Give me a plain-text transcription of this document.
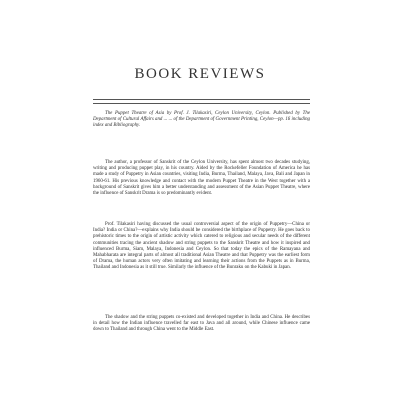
BOOK REVIEWS
The Puppet Theatre of Asia by Prof. J. Tilakasiri, Ceylon University, Ceylon. Published by The Department of Cultural Affairs and ... ... of the Department of Government Printing, Ceylon—pp. 16 including index and Bibliography.
The author, a professor of Sanskrit of the Ceylon University, has spent almost two decades studying, writing and producing puppet play, in his country. Aided by the Rockefeller Foundation of America he has made a study of Puppetry in Asian countries, visiting India, Burma, Thailand, Malaya, Java, Bali and Japan in 1960-61. His previous knowledge and contact with the modern Puppet Theatre in the West together with a background of Sanskrit gives him a better understanding and assessment of the Asian Puppet Theatre, where the influence of Sanskrit Drama is so predominantly evident.
Prof. Tilakasiri having discussed the usual controversial aspect of the origin of Puppetry—China or India? India or China?—explains why India should be considered the birthplace of Puppetry. He goes back to prehistoric times to the origin of artistic activity which catered to religious and secular needs of the different communities tracing the ancient shadow and string puppets to the Sanskrit Theatre and how it inspired and influenced Burma, Siam, Malaya, Indonesia and Ceylon. So that today the epics of the Ramayana and Mahabharata are integral parts of almost all traditional Asian Theatre and that Puppetry was the earliest form of Drama, the human actors very often imitating and learning their actions from the Puppets as in Burma, Thailand and Indonesia as it still true. Similarly the influence of the Bunraku on the Kabuki in Japan.
The shadow and the string puppets co-existed and developed together in India and China. He describes in detail how the Indian influence travelled far east to Java and all around, while Chinese influence came down to Thailand and through China went to the Middle East.
